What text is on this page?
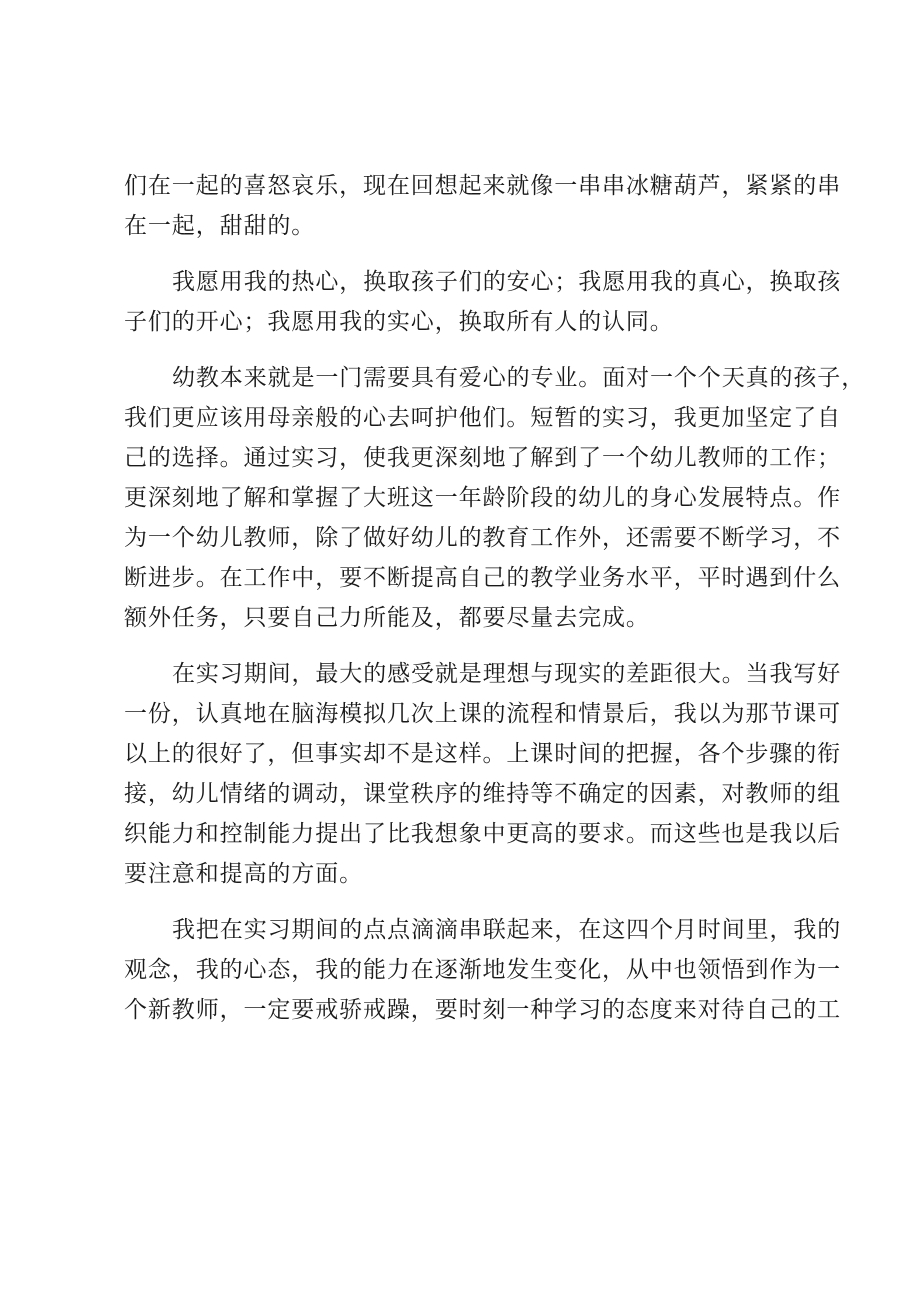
们在一起的喜怒哀乐，现在回想起来就像一串串冰糖葫芦，紧紧的串
在一起，甜甜的。
我愿用我的热心，换取孩子们的安心；我愿用我的真心，换取孩
子们的开心；我愿用我的实心，换取所有人的认同。
幼教本来就是一门需要具有爱心的专业。面对一个个天真的孩子，
我们更应该用母亲般的心去呵护他们。短暂的实习，我更加坚定了自
己的选择。通过实习，使我更深刻地了解到了一个幼儿教师的工作；
更深刻地了解和掌握了大班这一年龄阶段的幼儿的身心发展特点。作
为一个幼儿教师，除了做好幼儿的教育工作外，还需要不断学习，不
断进步。在工作中，要不断提高自己的教学业务水平，平时遇到什么
额外任务，只要自己力所能及，都要尽量去完成。
在实习期间，最大的感受就是理想与现实的差距很大。当我写好
一份，认真地在脑海模拟几次上课的流程和情景后，我以为那节课可
以上的很好了，但事实却不是这样。上课时间的把握，各个步骤的衔
接，幼儿情绪的调动，课堂秩序的维持等不确定的因素，对教师的组
织能力和控制能力提出了比我想象中更高的要求。而这些也是我以后
要注意和提高的方面。
我把在实习期间的点点滴滴串联起来，在这四个月时间里，我的
观念，我的心态，我的能力在逐渐地发生变化，从中也领悟到作为一
个新教师，一定要戒骄戒躁，要时刻一种学习的态度来对待自己的工
